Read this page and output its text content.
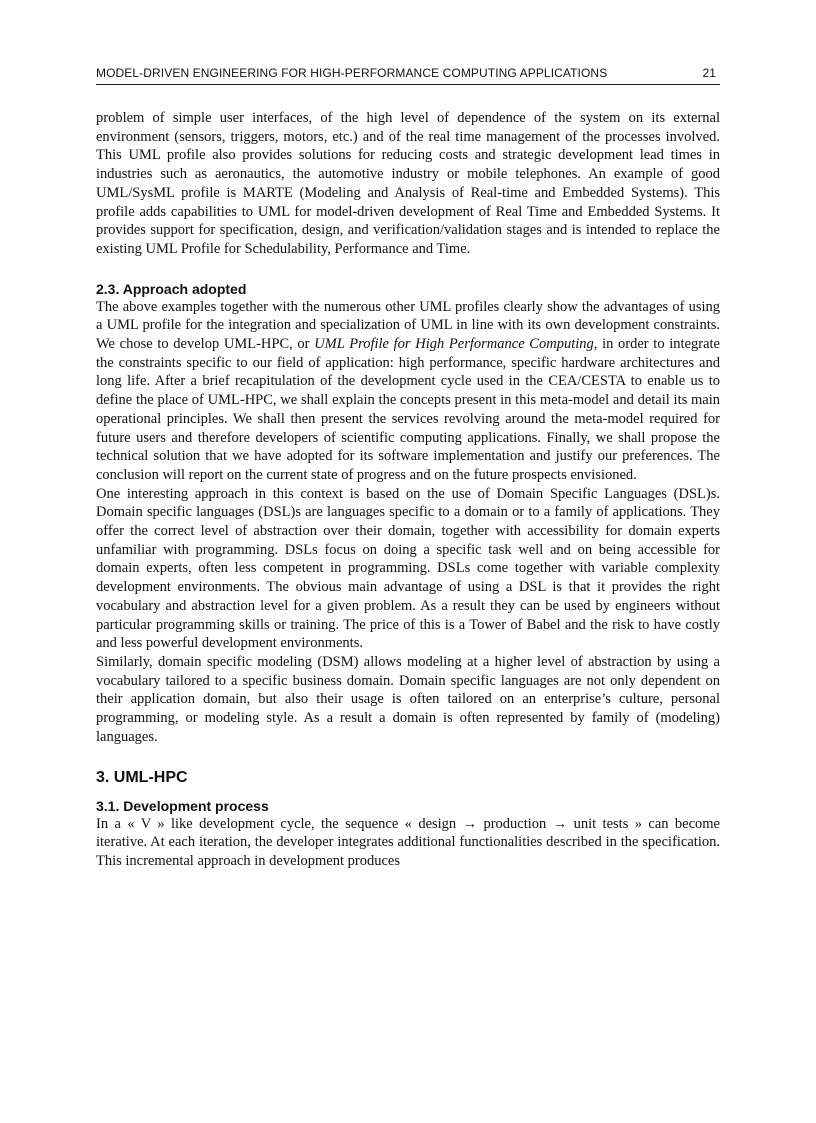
MODEL-DRIVEN ENGINEERING FOR HIGH-PERFORMANCE COMPUTING APPLICATIONS	21

problem of simple user interfaces, of the high level of dependence of the system on its external environment (sensors, triggers, motors, etc.) and of the real time management of the processes involved. This UML profile also provides solutions for reducing costs and strategic development lead times in industries such as aeronautics, the automotive industry or mobile telephones. An example of good UML/SysML profile is MARTE (Modeling and Analysis of Real-time and Embedded Systems). This profile adds capabilities to UML for model-driven development of Real Time and Embedded Systems. It provides support for specification, design, and verification/validation stages and is intended to replace the existing UML Profile for Schedulability, Performance and Time.

2.3. Approach adopted

The above examples together with the numerous other UML profiles clearly show the advantages of using a UML profile for the integration and specialization of UML in line with its own development constraints. We chose to develop UML-HPC, or UML Profile for High Performance Computing, in order to integrate the constraints specific to our field of application: high performance, specific hardware architectures and long life. After a brief recapitulation of the development cycle used in the CEA/CESTA to enable us to define the place of UML-HPC, we shall explain the concepts present in this meta-model and detail its main operational principles. We shall then present the services revolving around the meta-model required for future users and therefore developers of scientific computing applications. Finally, we shall propose the technical solution that we have adopted for its software implementation and justify our preferences. The conclusion will report on the current state of progress and on the future prospects envisioned.

One interesting approach in this context is based on the use of Domain Specific Languages (DSL)s. Domain specific languages (DSL)s are languages specific to a domain or to a family of applications. They offer the correct level of abstraction over their domain, together with accessibility for domain experts unfamiliar with programming. DSLs focus on doing a specific task well and on being accessible for domain experts, often less competent in programming. DSLs come together with variable complexity development environments. The obvious main advantage of using a DSL is that it provides the right vocabulary and abstraction level for a given problem. As a result they can be used by engineers without particular programming skills or training. The price of this is a Tower of Babel and the risk to have costly and less powerful development environments.

Similarly, domain specific modeling (DSM) allows modeling at a higher level of abstraction by using a vocabulary tailored to a specific business domain. Domain specific languages are not only dependent on their application domain, but also their usage is often tailored on an enterprise’s culture, personal programming, or modeling style. As a result a domain is often represented by family of (modeling) languages.

3. UML-HPC
3.1. Development process

In a « V » like development cycle, the sequence « design → production → unit tests » can become iterative. At each iteration, the developer integrates additional functionalities described in the specification. This incremental approach in development produces
